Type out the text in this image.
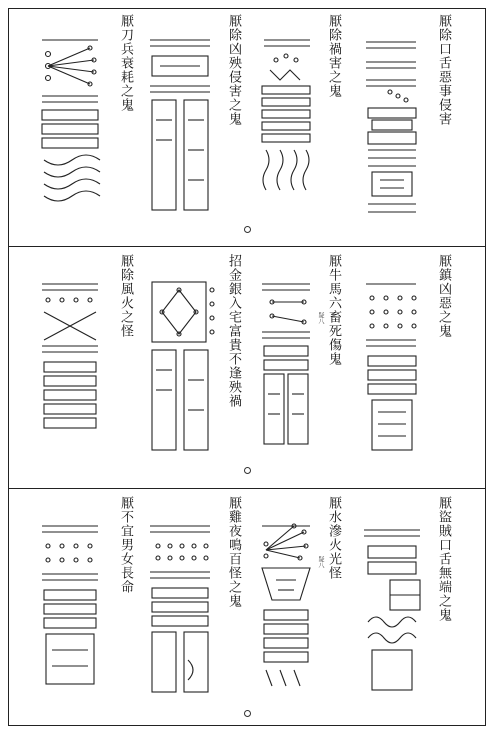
厭除口舌惡事侵害
厭除禍害之鬼
厭除凶殃侵害之鬼
厭刀兵衰耗之鬼
厭鎮凶惡之鬼
厭牛馬六畜死傷鬼
招金銀入宅富貴不逢殃禍
厭除風火之怪	疑八
厭盜賊口舌無端之鬼
厭水滲火光怪
厭雞夜鳴百怪之鬼
厭不宜男女長命	疑八
